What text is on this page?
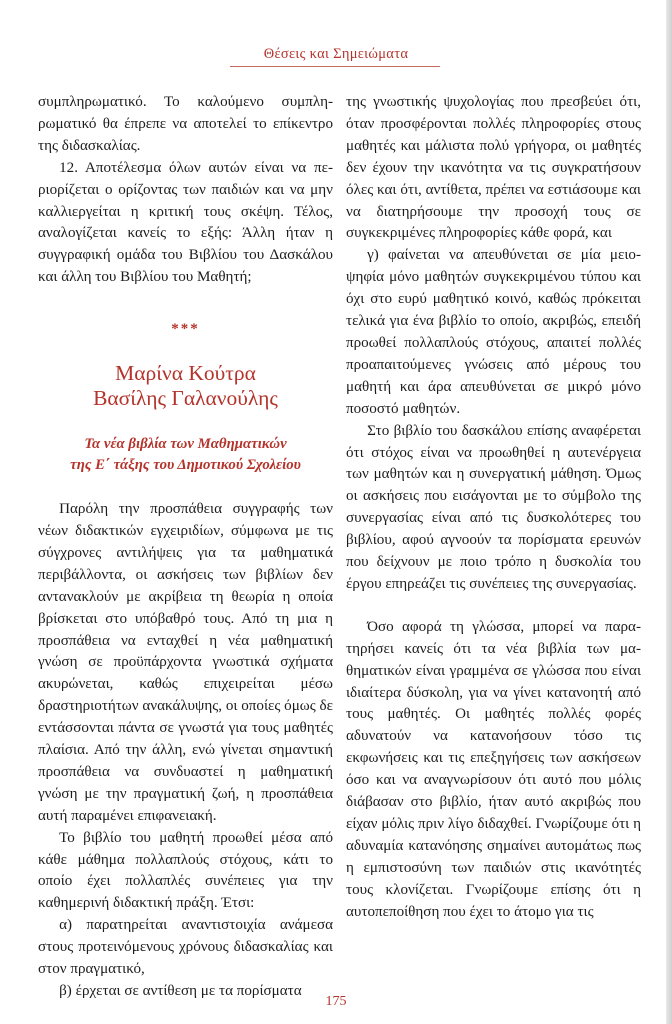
Θέσεις και Σημειώματα

συμπληρωματικό. Το καλούμενο συμπληρωματικό θα έπρεπε να αποτελεί το επίκεντρο της διδασκαλίας.

12. Αποτέλεσμα όλων αυτών είναι να περιορίζεται ο ορίζοντας των παιδιών και να μην καλλιεργείται η κριτική τους σκέψη. Τέλος, αναλογίζεται κανείς το εξής: Άλλη ήταν η συγγραφική ομάδα του Βιβλίου του Δασκάλου και άλλη του Βιβλίου του Μαθητή;

***
Μαρίνα Κούτρα
Βασίλης Γαλανούλης
Τα νέα βιβλία των Μαθηματικών
της Ε΄ τάξης του Δημοτικού Σχολείου

Παρόλη την προσπάθεια συγγραφής των νέων διδακτικών εγχειριδίων, σύμφωνα με τις σύγχρονες αντιλήψεις για τα μαθηματικά περιβάλλοντα, οι ασκήσεις των βιβλίων δεν αντανακλούν με ακρίβεια τη θεωρία η οποία βρίσκεται στο υπόβαθρό τους. Από τη μια η προσπάθεια να ενταχθεί η νέα μαθηματική γνώση σε προϋπάρχοντα γνωστικά σχήματα ακυρώνεται, καθώς επιχειρείται μέσω δραστηριοτήτων ανακάλυψης, οι οποίες όμως δε εντάσσονται πάντα σε γνωστά για τους μαθητές πλαίσια. Από την άλλη, ενώ γίνεται σημαντική προσπάθεια να συνδυαστεί η μαθηματική γνώση με την πραγματική ζωή, η προσπάθεια αυτή παραμένει επιφανειακή.

Το βιβλίο του μαθητή προωθεί μέσα από κάθε μάθημα πολλαπλούς στόχους, κάτι το οποίο έχει πολλαπλές συνέπειες για την καθημερινή διδακτική πράξη. Έτσι:

α) παρατηρείται αναντιστοιχία ανάμεσα στους προτεινόμενους χρόνους διδασκαλίας και στον πραγματικό,

β) έρχεται σε αντίθεση με τα πορίσματα

της γνωστικής ψυχολογίας που πρεσβεύει ότι, όταν προσφέρονται πολλές πληροφορίες στους μαθητές και μάλιστα πολύ γρήγορα, οι μαθητές δεν έχουν την ικανότητα να τις συγκρατήσουν όλες και ότι, αντίθετα, πρέπει να εστιάσουμε και να διατηρήσουμε την προσοχή τους σε συγκεκριμένες πληροφορίες κάθε φορά, και

γ) φαίνεται να απευθύνεται σε μία μειοψηφία μόνο μαθητών συγκεκριμένου τύπου και όχι στο ευρύ μαθητικό κοινό, καθώς πρόκειται τελικά για ένα βιβλίο το οποίο, ακριβώς, επειδή προωθεί πολλαπλούς στόχους, απαιτεί πολλές προαπαιτούμενες γνώσεις από μέρους του μαθητή και άρα απευθύνεται σε μικρό μόνο ποσοστό μαθητών.

Στο βιβλίο του δασκάλου επίσης αναφέρεται ότι στόχος είναι να προωθηθεί η αυτενέργεια των μαθητών και η συνεργατική μάθηση. Όμως οι ασκήσεις που εισάγονται με το σύμβολο της συνεργασίας είναι από τις δυσκολότερες του βιβλίου, αφού αγνοούν τα πορίσματα ερευνών που δείχνουν με ποιο τρόπο η δυσκολία του έργου επηρεάζει τις συνέπειες της συνεργασίας.

Όσο αφορά τη γλώσσα, μπορεί να παρατηρήσει κανείς ότι τα νέα βιβλία των μαθηματικών είναι γραμμένα σε γλώσσα που είναι ιδιαίτερα δύσκολη, για να γίνει κατανοητή από τους μαθητές. Οι μαθητές πολλές φορές αδυνατούν να κατανοήσουν τόσο τις εκφωνήσεις και τις επεξηγήσεις των ασκήσεων όσο και να αναγνωρίσουν ότι αυτό που μόλις διάβασαν στο βιβλίο, ήταν αυτό ακριβώς που είχαν μόλις πριν λίγο διδαχθεί. Γνωρίζουμε ότι η αδυναμία κατανόησης σημαίνει αυτομάτως πως η εμπιστοσύνη των παιδιών στις ικανότητές τους κλονίζεται. Γνωρίζουμε επίσης ότι η αυτοπεποίθηση που έχει το άτομο για τις

175
